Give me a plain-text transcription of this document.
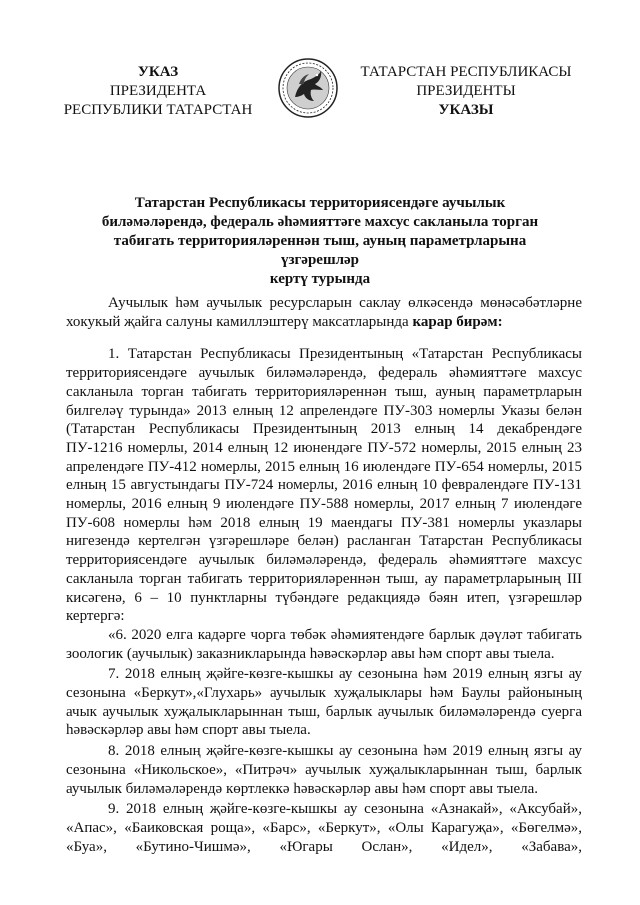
УКАЗ
ПРЕЗИДЕНТА
РЕСПУБЛИКИ ТАТАРСТАН
ТАТАРСТАН РЕСПУБЛИКАСЫ
ПРЕЗИДЕНТЫ
УКАЗЫ
Татарстан Республикасы территориясендәге аучылык
биләмәләрендә, федераль әһәмияттәге махсус сакланыла торган
табигать территорияләреннән тыш, ауның параметрларына үзгәрешләр
кертү турында

Аучылык һәм аучылык ресурсларын саклау өлкәсендә мөнәсәбәтләрне хокукый җайга салуны камиллэштерү максатларында карар бирәм:

1. Татарстан Республикасы Президентының «Татарстан Республикасы территориясендәге аучылык биләмәләрендә, федераль әһәмияттәге махсус сакланыла торган табигать территорияләреннән тыш, ауның параметрларын билгеләү турында» 2013 елның 12 апрелендәге ПУ-303 номерлы Указы белән (Татарстан Республикасы Президентының 2013 елның 14 декабрендәге ПУ-1216 номерлы, 2014 елның 12 июнендәге ПУ-572 номерлы, 2015 елның 23 апрелендәге ПУ-412 номерлы, 2015 елның 16 июлендәге ПУ-654 номерлы, 2015 елның 15 августындагы ПУ-724 номерлы, 2016 елның 10 февралендәге ПУ-131 номерлы, 2016 елның 9 июлендәге ПУ-588 номерлы, 2017 елның 7 июлендәге ПУ-608 номерлы һәм 2018 елның 19 маендагы ПУ-381 номерлы указлары нигезендә кертелгән үзгәрешләре белән) расланган Татарстан Республикасы территориясендәге аучылык биләмәләрендә, федераль әһәмияттәге махсус сакланыла торган табигать территорияләреннән тыш, ау параметрларының III кисәгенә, 6 – 10 пунктларны түбәндәге редакциядә бәян итеп, үзгәрешләр кертергә:

«6. 2020 елга кадәрге чорга төбәк әһәмиятендәге барлык дәүләт табигать зоологик (аучылык) заказникларында һәвәскәрләр авы һәм спорт авы тыела.

7. 2018 елның җәйге-көзге-кышкы ау сезонына һәм 2019 елның язгы ау сезонына «Беркут»,«Глухарь» аучылык хуҗалыклары һәм Баулы районының ачык аучылык хуҗалыкларыннан тыш, барлык аучылык биләмәләрендә суерга һәвәскәрләр авы һәм спорт авы тыела.

8. 2018 елның җәйге-көзге-кышкы ау сезонына һәм 2019 елның язгы ау сезонына «Никольское», «Питрәч» аучылык хуҗалыкларыннан тыш, барлык аучылык биләмәләрендә көртлеккә һәвәскәрләр авы һәм спорт авы тыела.

9. 2018 елның җәйге-көзге-кышкы ау сезонына «Азнакай», «Аксубай», «Апас», «Баиковская роща», «Барс», «Беркут», «Олы Карагуҗа», «Бөгелмә», «Буа», «Бутино-Чишмә», «Югары Ослан», «Идел», «Забава»,
